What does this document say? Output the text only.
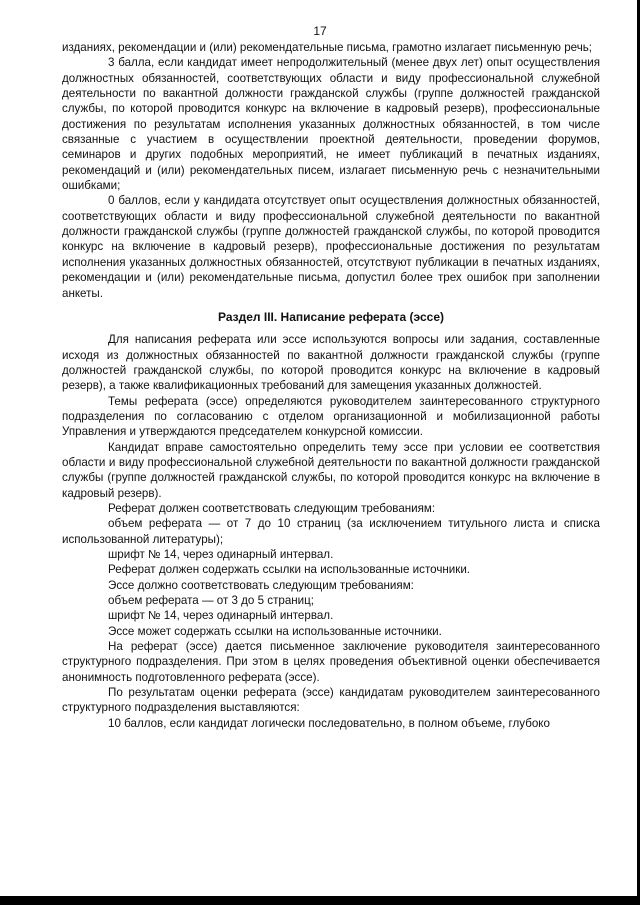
17

изданиях, рекомендации и (или) рекомендательные письма, грамотно излагает письменную речь;

3 балла, если кандидат имеет непродолжительный (менее двух лет) опыт осуществления должностных обязанностей, соответствующих области и виду профессиональной служебной деятельности по вакантной должности гражданской службы (группе должностей гражданской службы, по которой проводится конкурс на включение в кадровый резерв), профессиональные достижения по результатам исполнения указанных должностных обязанностей, в том числе связанные с участием в осуществлении проектной деятельности, проведении форумов, семинаров и других подобных мероприятий, не имеет публикаций в печатных изданиях, рекомендаций и (или) рекомендательных писем, излагает письменную речь с незначительными ошибками;

0 баллов, если у кандидата отсутствует опыт осуществления должностных обязанностей, соответствующих области и виду профессиональной служебной деятельности по вакантной должности гражданской службы (группе должностей гражданской службы, по которой проводится конкурс на включение в кадровый резерв), профессиональные достижения по результатам исполнения указанных должностных обязанностей, отсутствуют публикации в печатных изданиях, рекомендации и (или) рекомендательные письма, допустил более трех ошибок при заполнении анкеты.

Раздел III. Написание реферата (эссе)

Для написания реферата или эссе используются вопросы или задания, составленные исходя из должностных обязанностей по вакантной должности гражданской службы (группе должностей гражданской службы, по которой проводится конкурс на включение в кадровый резерв), а также квалификационных требований для замещения указанных должностей.

Темы реферата (эссе) определяются руководителем заинтересованного структурного подразделения по согласованию с отделом организационной и мобилизационной работы Управления и утверждаются председателем конкурсной комиссии.

Кандидат вправе самостоятельно определить тему эссе при условии ее соответствия области и виду профессиональной служебной деятельности по вакантной должности гражданской службы (группе должностей гражданской службы, по которой проводится конкурс на включение в кадровый резерв).

Реферат должен соответствовать следующим требованиям:

объем реферата — от 7 до 10 страниц (за исключением титульного листа и списка использованной литературы);

шрифт № 14, через одинарный интервал.

Реферат должен содержать ссылки на использованные источники.

Эссе должно соответствовать следующим требованиям:

объем реферата — от 3 до 5 страниц;

шрифт № 14, через одинарный интервал.

Эссе может содержать ссылки на использованные источники.

На реферат (эссе) дается письменное заключение руководителя заинтересованного структурного подразделения. При этом в целях проведения объективной оценки обеспечивается анонимность подготовленного реферата (эссе).

По результатам оценки реферата (эссе) кандидатам руководителем заинтересованного структурного подразделения выставляются:

10 баллов, если кандидат логически последовательно, в полном объеме, глубоко
